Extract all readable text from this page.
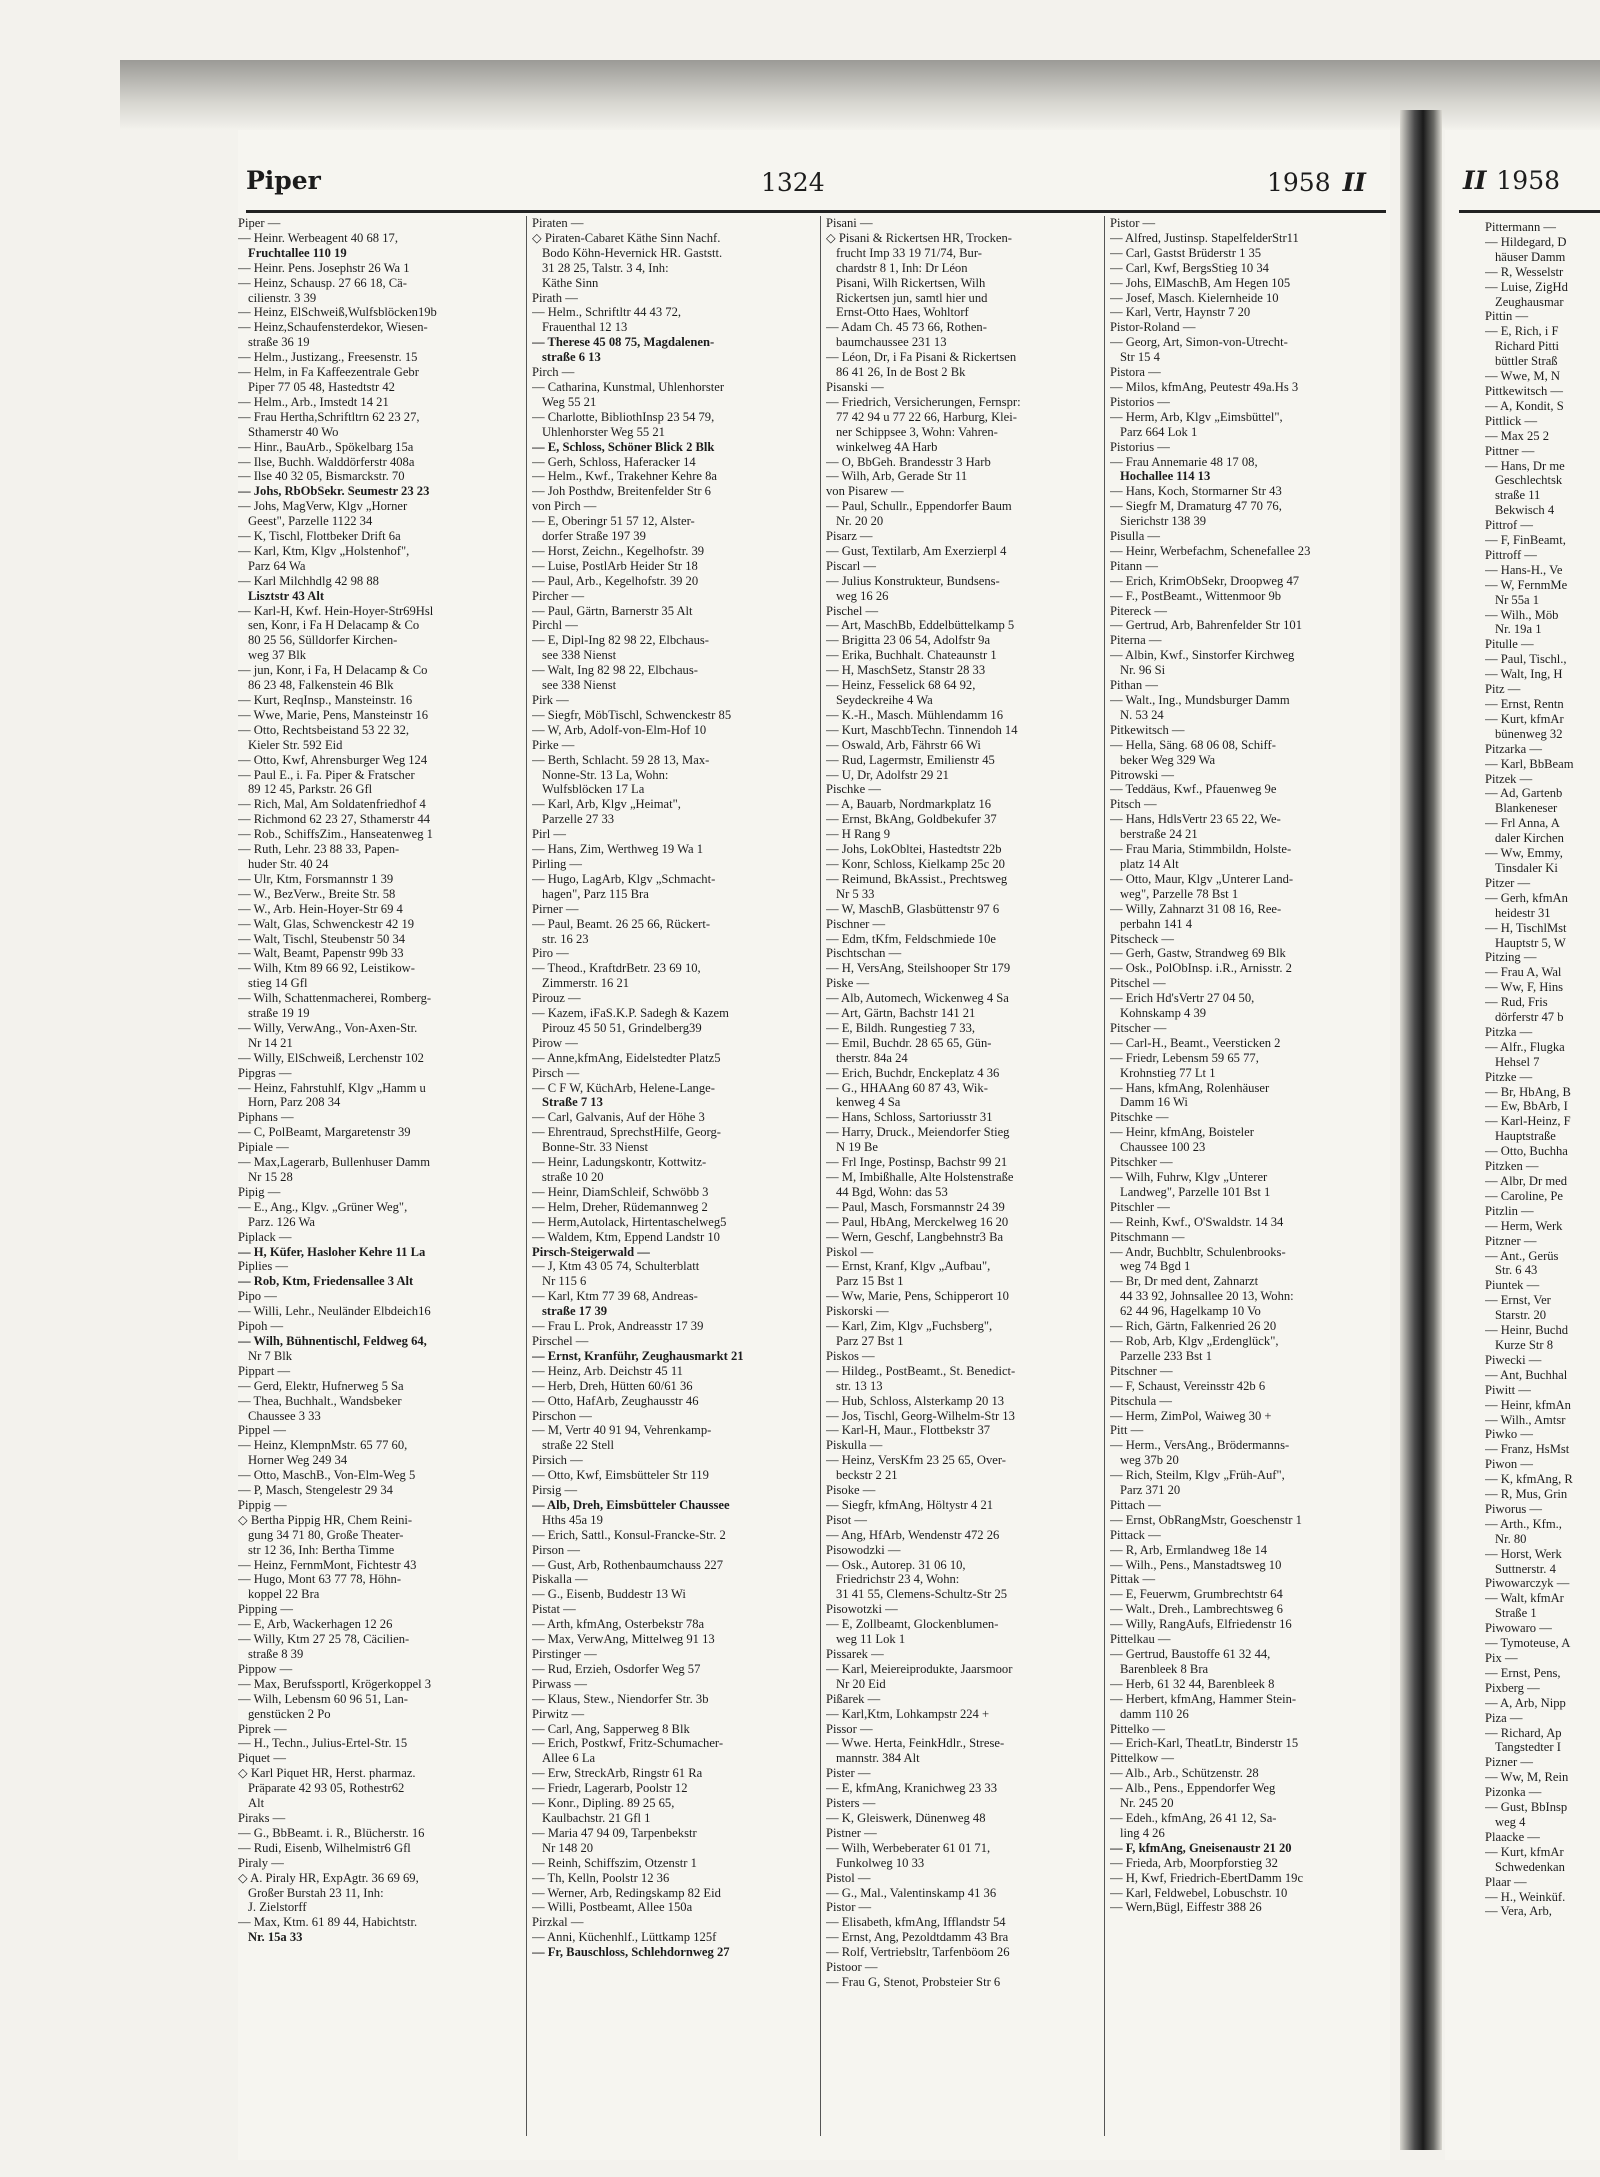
II 1958
Pittermann —
— Hildegard, D
häuser Damm
— R, Wesselstr
— Luise, ZigHd
Zeughausmar
Pittin —
— E, Rich, i F
Richard Pitti
büttler Straß
— Wwe, M, N
Pittkewitsch —
— A, Kondit, S
Pittlick —
— Max 25 2
Pittner —
— Hans, Dr me
Geschlechtsk
straße 11
Bekwisch 4
Pittrof —
— F, FinBeamt,
Pittroff —
— Hans-H., Ve
— W, FernmMe
Nr 55a 1
— Wilh., Möb
Nr. 19a 1
Pitulle —
— Paul, Tischl.,
— Walt, Ing, H
Pitz —
— Ernst, Rentn
— Kurt, kfmAr
bünenweg 32
Pitzarka —
— Karl, BbBeam
Pitzek —
— Ad, Gartenb
Blankeneser
— Frl Anna, A
daler Kirchen
— Ww, Emmy,
Tinsdaler Ki
Pitzer —
— Gerh, kfmAn
heidestr 31
— H, TischlMst
Hauptstr 5, W
Pitzing —
— Frau A, Wal
— Ww, F, Hins
— Rud, Fris
dörferstr 47 b
Pitzka —
— Alfr., Flugka
Hehsel 7
Pitzke —
— Br, HbAng, B
— Ew, BbArb, I
— Karl-Heinz, F
Hauptstraße
— Otto, Buchha
Pitzken —
— Albr, Dr med
— Caroline, Pe
Pitzlin —
— Herm, Werk
Pitzner —
— Ant., Gerüs
Str. 6 43
Piuntek —
— Ernst, Ver
Starstr. 20
— Heinr, Buchd
Kurze Str 8
Piwecki —
— Ant, Buchhal
Piwitt —
— Heinr, kfmAn
— Wilh., Amtsr
Piwko —
— Franz, HsMst
Piwon —
— K, kfmAng, R
— R, Mus, Grin
Piworus —
— Arth., Kfm.,
Nr. 80
— Horst, Werk
Suttnerstr. 4
Piwowarczyk —
— Walt, kfmAr
Straße 1
Piwowaro —
— Tymoteuse, A
Pix —
— Ernst, Pens,
Pixberg —
— A, Arb, Nipp
Piza —
— Richard, Ap
Tangstedter I
Pizner —
— Ww, M, Rein
Pizonka —
— Gust, BbInsp
weg 4
Plaacke —
— Kurt, kfmAr
Schwedenkan
Plaar —
— H., Weinküf.
— Vera, Arb,
Piper	1324	1958 II
Piper —
— Heinr. Werbeagent 40 68 17,
Fruchtallee 110 19
— Heinr. Pens. Josephstr 26 Wa 1
— Heinz, Schausp. 27 66 18, Cä-
cilienstr. 3 39
— Heinz, ElSchweiß,Wulfsblöcken19b
— Heinz,Schaufensterdekor, Wiesen-
straße 36 19
— Helm., Justizang., Freesenstr. 15
— Helm, in Fa Kaffeezentrale Gebr
Piper 77 05 48, Hastedtstr 42
— Helm., Arb., Imstedt 14 21
— Frau Hertha,Schriftltrn 62 23 27,
Sthamerstr 40 Wo
— Hinr., BauArb., Spökelbarg 15a
— Ilse, Buchh. Walddörferstr 408a
— Ilse 40 32 05, Bismarckstr. 70
— Johs, RbObSekr. Seumestr 23 23
— Johs, MagVerw, Klgv „Horner
Geest", Parzelle 1122 34
— K, Tischl, Flottbeker Drift 6a
— Karl, Ktm, Klgv „Holstenhof",
Parz 64 Wa
— Karl Milchhdlg 42 98 88
Lisztstr 43 Alt
— Karl-H, Kwf. Hein-Hoyer-Str69Hsl
sen, Konr, i Fa H Delacamp & Co
80 25 56, Sülldorfer Kirchen-
weg 37 Blk
— jun, Konr, i Fa, H Delacamp & Co
86 23 48, Falkenstein 46 Blk
— Kurt, ReqInsp., Mansteinstr. 16
— Wwe, Marie, Pens, Mansteinstr 16
— Otto, Rechtsbeistand 53 22 32,
Kieler Str. 592 Eid
— Otto, Kwf, Ahrensburger Weg 124
— Paul E., i. Fa. Piper & Fratscher
89 12 45, Parkstr. 26 Gfl
— Rich, Mal, Am Soldatenfriedhof 4
— Richmond 62 23 27, Sthamerstr 44
— Rob., SchiffsZim., Hanseatenweg 1
— Ruth, Lehr. 23 88 33, Papen-
huder Str. 40 24
— Ulr, Ktm, Forsmannstr 1 39
— W., BezVerw., Breite Str. 58
— W., Arb. Hein-Hoyer-Str 69 4
— Walt, Glas, Schwenckestr 42 19
— Walt, Tischl, Steubenstr 50 34
— Walt, Beamt, Papenstr 99b 33
— Wilh, Ktm 89 66 92, Leistikow-
stieg 14 Gfl
— Wilh, Schattenmacherei, Romberg-
straße 19 19
— Willy, VerwAng., Von-Axen-Str.
Nr 14 21
— Willy, ElSchweiß, Lerchenstr 102
Pipgras —
— Heinz, Fahrstuhlf, Klgv „Hamm u
Horn, Parz 208 34
Piphans —
— C, PolBeamt, Margaretenstr 39
Pipiale —
— Max,Lagerarb, Bullenhuser Damm
Nr 15 28
Pipig —
— E., Ang., Klgv. „Grüner Weg",
Parz. 126 Wa
Piplack —
— H, Küfer, Hasloher Kehre 11 La
Piplies —
— Rob, Ktm, Friedensallee 3 Alt
Pipo —
— Willi, Lehr., Neuländer Elbdeich16
Pipoh —
— Wilh, Bühnentischl, Feldweg 64,
Nr 7 Blk
Pippart —
— Gerd, Elektr, Hufnerweg 5 Sa
— Thea, Buchhalt., Wandsbeker
Chaussee 3 33
Pippel —
— Heinz, KlempnMstr. 65 77 60,
Horner Weg 249 34
— Otto, MaschB., Von-Elm-Weg 5
— P, Masch, Stengelestr 29 34
Pippig —
◇ Bertha Pippig HR, Chem Reini-
gung 34 71 80, Große Theater-
str 12 36, Inh: Bertha Timme
— Heinz, FernmMont, Fichtestr 43
— Hugo, Mont 63 77 78, Höhn-
koppel 22 Bra
Pipping —
— E, Arb, Wackerhagen 12 26
— Willy, Ktm 27 25 78, Cäcilien-
straße 8 39
Pippow —
— Max, Berufssportl, Krögerkoppel 3
— Wilh, Lebensm 60 96 51, Lan-
genstücken 2 Po
Piprek —
— H., Techn., Julius-Ertel-Str. 15
Piquet —
◇ Karl Piquet HR, Herst. pharmaz.
Präparate 42 93 05, Rothestr62
Alt
Piraks —
— G., BbBeamt. i. R., Blücherstr. 16
— Rudi, Eisenb, Wilhelmistr6 Gfl
Piraly —
◇ A. Piraly HR, ExpAgtr. 36 69 69,
Großer Burstah 23 11, Inh:
J. Zielstorff
— Max, Ktm. 61 89 44, Habichtstr.
Nr. 15a 33
Piraten —
◇ Piraten-Cabaret Käthe Sinn Nachf.
Bodo Köhn-Hevernick HR. Gaststt.
31 28 25, Talstr. 3 4, Inh:
Käthe Sinn
Pirath —
— Helm., Schriftltr 44 43 72,
Frauenthal 12 13
— Therese 45 08 75, Magdalenen-
straße 6 13
Pirch —
— Catharina, Kunstmal, Uhlenhorster
Weg 55 21
— Charlotte, BibliothInsp 23 54 79,
Uhlenhorster Weg 55 21
— E, Schloss, Schöner Blick 2 Blk
— Gerh, Schloss, Haferacker 14
— Helm., Kwf., Trakehner Kehre 8a
— Joh Posthdw, Breitenfelder Str 6
von Pirch —
— E, Oberingr 51 57 12, Alster-
dorfer Straße 197 39
— Horst, Zeichn., Kegelhofstr. 39
— Luise, PostlArb Heider Str 18
— Paul, Arb., Kegelhofstr. 39 20
Pircher —
— Paul, Gärtn, Barnerstr 35 Alt
Pirchl —
— E, Dipl-Ing 82 98 22, Elbchaus-
see 338 Nienst
— Walt, Ing 82 98 22, Elbchaus-
see 338 Nienst
Pirk —
— Siegfr, MöbTischl, Schwenckestr 85
— W, Arb, Adolf-von-Elm-Hof 10
Pirke —
— Berth, Schlacht. 59 28 13, Max-
Nonne-Str. 13 La, Wohn:
Wulfsblöcken 17 La
— Karl, Arb, Klgv „Heimat",
Parzelle 27 33
Pirl —
— Hans, Zim, Werthweg 19 Wa 1
Pirling —
— Hugo, LagArb, Klgv „Schmacht-
hagen", Parz 115 Bra
Pirner —
— Paul, Beamt. 26 25 66, Rückert-
str. 16 23
Piro —
— Theod., KraftdrBetr. 23 69 10,
Zimmerstr. 16 21
Pirouz —
— Kazem, iFaS.K.P. Sadegh & Kazem
Pirouz 45 50 51, Grindelberg39
Pirow —
— Anne,kfmAng, Eidelstedter Platz5
Pirsch —
— C F W, KüchArb, Helene-Lange-
Straße 7 13
— Carl, Galvanis, Auf der Höhe 3
— Ehrentraud, SprechstHilfe, Georg-
Bonne-Str. 33 Nienst
— Heinr, Ladungskontr, Kottwitz-
straße 10 20
— Heinr, DiamSchleif, Schwöbb 3
— Helm, Dreher, Rüdemannweg 2
— Herm,Autolack, Hirtentaschelweg5
— Waldem, Ktm, Eppend Landstr 10
Pirsch-Steigerwald —
— J, Ktm 43 05 74, Schulterblatt
Nr 115 6
— Karl, Ktm 77 39 68, Andreas-
straße 17 39
— Frau L. Prok, Andreasstr 17 39
Pirschel —
— Ernst, Kranführ, Zeughausmarkt 21
— Heinz, Arb. Deichstr 45 11
— Herb, Dreh, Hütten 60/61 36
— Otto, HafArb, Zeughausstr 46
Pirschon —
— M, Vertr 40 91 94, Vehrenkamp-
straße 22 Stell
Pirsich —
— Otto, Kwf, Eimsbütteler Str 119
Pirsig —
— Alb, Dreh, Eimsbütteler Chaussee
Hths 45a 19
— Erich, Sattl., Konsul-Francke-Str. 2
Pirson —
— Gust, Arb, Rothenbaumchauss 227
Piskalla —
— G., Eisenb, Buddestr 13 Wi
Pistat —
— Arth, kfmAng, Osterbekstr 78a
— Max, VerwAng, Mittelweg 91 13
Pirstinger —
— Rud, Erzieh, Osdorfer Weg 57
Pirwass —
— Klaus, Stew., Niendorfer Str. 3b
Pirwitz —
— Carl, Ang, Sapperweg 8 Blk
— Erich, Postkwf, Fritz-Schumacher-
Allee 6 La
— Erw, StreckArb, Ringstr 61 Ra
— Friedr, Lagerarb, Poolstr 12
— Konr., Dipling. 89 25 65,
Kaulbachstr. 21 Gfl 1
— Maria 47 94 09, Tarpenbekstr
Nr 148 20
— Reinh, Schiffszim, Otzenstr 1
— Th, Kelln, Poolstr 12 36
— Werner, Arb, Redingskamp 82 Eid
— Willi, Postbeamt, Allee 150a
Pirzkal —
— Anni, Küchenhlf., Lüttkamp 125f
— Fr, Bauschloss, Schlehdornweg 27
Pisani —
◇ Pisani & Rickertsen HR, Trocken-
frucht Imp 33 19 71/74, Bur-
chardstr 8 1, Inh: Dr Léon
Pisani, Wilh Rickertsen, Wilh
Rickertsen jun, samtl hier und
Ernst-Otto Haes, Wohltorf
— Adam Ch. 45 73 66, Rothen-
baumchaussee 231 13
— Léon, Dr, i Fa Pisani & Rickertsen
86 41 26, In de Bost 2 Bk
Pisanski —
— Friedrich, Versicherungen, Fernspr:
77 42 94 u 77 22 66, Harburg, Klei-
ner Schippsee 3, Wohn: Vahren-
winkelweg 4A Harb
— O, BbGeh. Brandesstr 3 Harb
— Wilh, Arb, Gerade Str 11
von Pisarew —
— Paul, Schullr., Eppendorfer Baum
Nr. 20 20
Pisarz —
— Gust, Textilarb, Am Exerzierpl 4
Piscarl —
— Julius Konstrukteur, Bundsens-
weg 16 26
Pischel —
— Art, MaschBb, Eddelbüttelkamp 5
— Brigitta 23 06 54, Adolfstr 9a
— Erika, Buchhalt. Chateaunstr 1
— H, MaschSetz, Stanstr 28 33
— Heinz, Fesselick 68 64 92,
Seydeckreihe 4 Wa
— K.-H., Masch. Mühlendamm 16
— Kurt, MaschbTechn. Tinnendoh 14
— Oswald, Arb, Fährstr 66 Wi
— Rud, Lagermstr, Emilienstr 45
— U, Dr, Adolfstr 29 21
Pischke —
— A, Bauarb, Nordmarkplatz 16
— Ernst, BkAng, Goldbekufer 37
— H Rang 9
— Johs, LokObltei, Hastedtstr 22b
— Konr, Schloss, Kielkamp 25c 20
— Reimund, BkAssist., Prechtsweg
Nr 5 33
— W, MaschB, Glasbüttenstr 97 6
Pischner —
— Edm, tKfm, Feldschmiede 10e
Pischtschan —
— H, VersAng, Steilshooper Str 179
Piske —
— Alb, Automech, Wickenweg 4 Sa
— Art, Gärtn, Bachstr 141 21
— E, Bildh. Rungestieg 7 33,
— Emil, Buchdr. 28 65 65, Gün-
therstr. 84a 24
— Erich, Buchdr, Enckeplatz 4 36
— G., HHAAng 60 87 43, Wik-
kenweg 4 Sa
— Hans, Schloss, Sartoriusstr 31
— Harry, Druck., Meiendorfer Stieg
N 19 Be
— Frl Inge, Postinsp, Bachstr 99 21
— M, Imbißhalle, Alte Holstenstraße
44 Bgd, Wohn: das 53
— Paul, Masch, Forsmannstr 24 39
— Paul, HbAng, Merckelweg 16 20
— Wern, Geschf, Langbehnstr3 Ba
Piskol —
— Ernst, Kranf, Klgv „Aufbau",
Parz 15 Bst 1
— Ww, Marie, Pens, Schipperort 10
Piskorski —
— Karl, Zim, Klgv „Fuchsberg",
Parz 27 Bst 1
Piskos —
— Hildeg., PostBeamt., St. Benedict-
str. 13 13
— Hub, Schloss, Alsterkamp 20 13
— Jos, Tischl, Georg-Wilhelm-Str 13
— Karl-H, Maur., Flottbekstr 37
Piskulla —
— Heinz, VersKfm 23 25 65, Over-
beckstr 2 21
Pisoke —
— Siegfr, kfmAng, Höltystr 4 21
Pisot —
— Ang, HfArb, Wendenstr 472 26
Pisowodzki —
— Osk., Autorep. 31 06 10,
Friedrichstr 23 4, Wohn:
31 41 55, Clemens-Schultz-Str 25
Pisowotzki —
— E, Zollbeamt, Glockenblumen-
weg 11 Lok 1
Pissarek —
— Karl, Meiereiprodukte, Jaarsmoor
Nr 20 Eid
Pißarek —
— Karl,Ktm, Lohkampstr 224 +
Pissor —
— Wwe. Herta, FeinkHdlr., Strese-
mannstr. 384 Alt
Pister —
— E, kfmAng, Kranichweg 23 33
Pisters —
— K, Gleiswerk, Dünenweg 48
Pistner —
— Wilh, Werbeberater 61 01 71,
Funkolweg 10 33
Pistol —
— G., Mal., Valentinskamp 41 36
Pistor —
— Elisabeth, kfmAng, Ifflandstr 54
— Ernst, Ang, Pezoldtdamm 43 Bra
— Rolf, Vertriebsltr, Tarfenböom 26
Pistoor —
— Frau G, Stenot, Probsteier Str 6
Pistor —
— Alfred, Justinsp. StapelfelderStr11
— Carl, Gastst Brüderstr 1 35
— Carl, Kwf, BergsStieg 10 34
— Johs, ElMaschB, Am Hegen 105
— Josef, Masch. Kielernheide 10
— Karl, Vertr, Haynstr 7 20
Pistor-Roland —
— Georg, Art, Simon-von-Utrecht-
Str 15 4
Pistora —
— Milos, kfmAng, Peutestr 49a.Hs 3
Pistorios —
— Herm, Arb, Klgv „Eimsbüttel",
Parz 664 Lok 1
Pistorius —
— Frau Annemarie 48 17 08,
Hochallee 114 13
— Hans, Koch, Stormarner Str 43
— Siegfr M, Dramaturg 47 70 76,
Sierichstr 138 39
Pisulla —
— Heinr, Werbefachm, Schenefallee 23
Pitann —
— Erich, KrimObSekr, Droopweg 47
— F., PostBeamt., Wittenmoor 9b
Pitereck —
— Gertrud, Arb, Bahrenfelder Str 101
Piterna —
— Albin, Kwf., Sinstorfer Kirchweg
Nr. 96 Si
Pithan —
— Walt., Ing., Mundsburger Damm
N. 53 24
Pitkewitsch —
— Hella, Säng. 68 06 08, Schiff-
beker Weg 329 Wa
Pitrowski —
— Teddäus, Kwf., Pfauenweg 9e
Pitsch —
— Hans, HdlsVertr 23 65 22, We-
berstraße 24 21
— Frau Maria, Stimmbildn, Holste-
platz 14 Alt
— Otto, Maur, Klgv „Unterer Land-
weg", Parzelle 78 Bst 1
— Willy, Zahnarzt 31 08 16, Ree-
perbahn 141 4
Pitscheck —
— Gerh, Gastw, Strandweg 69 Blk
— Osk., PolObInsp. i.R., Arnisstr. 2
Pitschel —
— Erich Hd'sVertr 27 04 50,
Kohnskamp 4 39
Pitscher —
— Carl-H., Beamt., Veersticken 2
— Friedr, Lebensm 59 65 77,
Krohnstieg 77 Lt 1
— Hans, kfmAng, Rolenhäuser
Damm 16 Wi
Pitschke —
— Heinr, kfmAng, Boisteler
Chaussee 100 23
Pitschker —
— Wilh, Fuhrw, Klgv „Unterer
Landweg", Parzelle 101 Bst 1
Pitschler —
— Reinh, Kwf., O'Swaldstr. 14 34
Pitschmann —
— Andr, Buchbltr, Schulenbrooks-
weg 74 Bgd 1
— Br, Dr med dent, Zahnarzt
44 33 92, Johnsallee 20 13, Wohn:
62 44 96, Hagelkamp 10 Vo
— Rich, Gärtn, Falkenried 26 20
— Rob, Arb, Klgv „Erdenglück",
Parzelle 233 Bst 1
Pitschner —
— F, Schaust, Vereinsstr 42b 6
Pitschula —
— Herm, ZimPol, Waiweg 30 +
Pitt —
— Herm., VersAng., Brödermanns-
weg 37b 20
— Rich, Steilm, Klgv „Früh-Auf",
Parz 371 20
Pittach —
— Ernst, ObRangMstr, Goeschenstr 1
Pittack —
— R, Arb, Ermlandweg 18e 14
— Wilh., Pens., Manstadtsweg 10
Pittak —
— E, Feuerwm, Grumbrechtstr 64
— Walt., Dreh., Lambrechtsweg 6
— Willy, RangAufs, Elfriedenstr 16
Pittelkau —
— Gertrud, Baustoffe 61 32 44,
Barenbleek 8 Bra
— Herb, 61 32 44, Barenbleek 8
— Herbert, kfmAng, Hammer Stein-
damm 110 26
Pittelko —
— Erich-Karl, TheatLtr, Binderstr 15
Pittelkow —
— Alb., Arb., Schützenstr. 28
— Alb., Pens., Eppendorfer Weg
Nr. 245 20
— Edeh., kfmAng, 26 41 12, Sa-
ling 4 26
— F, kfmAng, Gneisenaustr 21 20
— Frieda, Arb, Moorpforstieg 32
— H, Kwf, Friedrich-EbertDamm 19c
— Karl, Feldwebel, Lobuschstr. 10
— Wern,Bügl, Eiffestr 388 26
